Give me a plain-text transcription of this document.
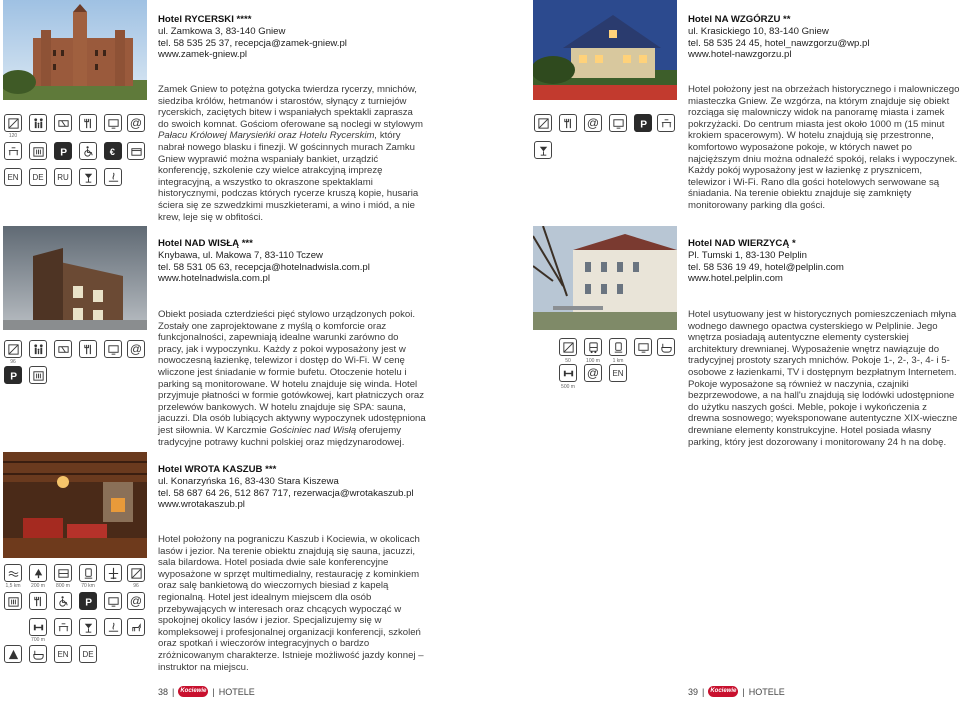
Hotel RYCERSKI ****
ul. Zamkowa 3, 83-140 Gniew
tel. 58 535 25 37, recepcja@zamek-gniew.pl
www.zamek-gniew.pl
Hotel NA WZGÓRZU **
ul. Krasickiego 10, 83-140 Gniew
tel. 58 535 24 45, hotel_nawzgorzu@wp.pl
www.hotel-nawzgorzu.pl
Hotel NAD WISŁĄ ***
Knybawa, ul. Makowa 7, 83-110 Tczew
tel. 58 531 05 63, recepcja@hotelnadwisla.com.pl
www.hotelnadwisla.com.pl
Hotel NAD WIERZYCĄ *
Pl. Tumski 1, 83-130 Pelplin
tel. 58 536 19 49, hotel@pelplin.com
www.hotel.pelplin.com
Hotel WROTA KASZUB ***
ul. Konarzyńska 16, 83-430 Stara Kiszewa
tel. 58 687 64 26, 512 867 717, rezerwacja@wrotakaszub.pl
www.wrotakaszub.pl

Zamek Gniew to potężna gotycka twierdza rycerzy, mnichów, siedziba królów, hetmanów i starostów, słynący z turniejów rycerskich, zaciętych bitew i wspaniałych spektakli zaprasza do swoich komnat. Gościom oferowane są noclegi w stylowym Pałacu Królowej Marysieńki oraz Hotelu Rycerskim, który nabrał nowego blasku i finezji. W gościnnych murach Zamku Gniew wyprawić można wspaniały bankiet, urządzić konferencję, szkolenie czy wielce atrakcyjną imprezę integracyjną, a wszystko to okraszone spektaklami historycznymi, podczas których rycerze kruszą kopie, husaria ściera się ze szwedzkimi muszkieterami, a wino i miód, a nie krew, leje się w obfitości.

Hotel położony jest na obrzeżach historycznego i malowniczego miasteczka Gniew. Ze wzgórza, na którym znajduje się obiekt rozciąga się malowniczy widok na panoramę miasta i zamek pokrzyżacki. Do centrum miasta jest około 1000 m (15 minut krokiem spacerowym). W hotelu znajdują się przestronne, komfortowo wyposażone pokoje, w których nawet po najcięższym dniu można odnaleźć spokój, relaks i wypoczynek. Każdy pokój wyposażony jest w łazienkę z prysznicem, telewizor i Wi-Fi. Rano dla gości hotelowych serwowane są śniadania. Na terenie obiektu znajduje się zamknięty monitorowany parking dla gości.

Obiekt posiada czterdzieści pięć stylowo urządzonych pokoi. Zostały one zaprojektowane z myślą o komforcie oraz funkcjonalności, zapewniają idealne warunki zarówno do pracy, jak i wypoczynku. Każdy z pokoi wyposażony jest w nowoczesną łazienkę, telewizor i dostęp do Wi-Fi. W cenę wliczone jest śniadanie w formie bufetu. Otoczenie hotelu i parking są monitorowane. W hotelu znajduje się winda. Hotel przyjmuje płatności w formie gotówkowej, kart płatniczych oraz przelewów bankowych. W hotelu znajduje się SPA: sauna, jacuzzi. Dla osób lubiących aktywny wypoczynek udostępniona jest siłownia. W Karczmie Gościniec nad Wisłą oferujemy tradycyjne potrawy kuchni polskiej oraz międzynarodowej.

Hotel usytuowany jest w historycznych pomieszczeniach młyna wodnego dawnego opactwa cysterskiego w Pelplinie. Jego wnętrza posiadają autentyczne elementy cysterskiej architektury drewnianej. Wyposażenie wnętrz nawiązuje do tradycyjnej prostoty szarych mnichów. Pokoje 1-, 2-, 3-, 4- i 5-osobowe z łazienkami, TV i dostępnym bezpłatnym Internetem. Pokoje wyposażone są również w naczynia, czajniki bezprzewodowe, a na hall'u znajdują się lodówki udostępnione do użytku naszych gości. Meble, pokoje i wykończenia z drewna sosnowego; wyeksponowane autentyczne XIX-wieczne drewniane elementy konstrukcyjne. Hotel posiada własny parking, który jest dozorowany i monitorowany 24 h na dobę.

Hotel położony na pograniczu Kaszub i Kociewia, w okolicach lasów i jezior. Na terenie obiektu znajdują się sauna, jacuzzi, sala bilardowa. Hotel posiada dwie sale konferencyjne wyposażone w sprzęt multimedialny, restaurację z kominkiem oraz salę bankietową do wieczornych biesiad z kapelą regionalną. Hotel jest idealnym miejscem dla osób przebywających w interesach oraz chcących wypocząć w spokojnej okolicy lasów i jezior. Specjalizujemy się w kompleksowej i profesjonalnej organizacji konferencji, szkoleń oraz spotkań i wieczorów integracyjnych o bardzo zróżnicowanym charakterze. Istnieje możliwość jazdy konnej – instruktor na miejscu.

@
120
P	€
EN	DE	RU
@	P
@
96
P
50	100 m	1 km
@	EN
500 m
1,5 km	200 m	800 m	70 km	96
P	@
700 m
EN	DE
38 | Kociewie | HOTELE	39 | Kociewie | HOTELE
